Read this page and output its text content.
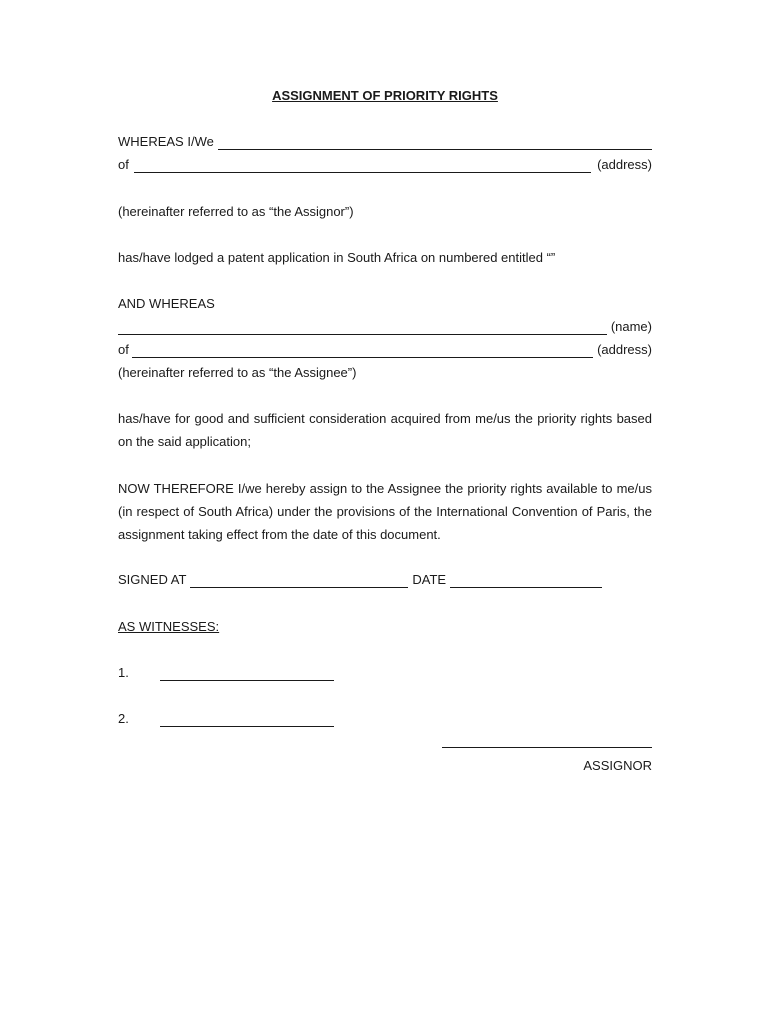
ASSIGNMENT OF PRIORITY RIGHTS
WHEREAS I/We
of	(address)
(hereinafter referred to as “the Assignor”)
has/have lodged a patent application in South Africa on numbered entitled “”
AND WHEREAS
(name)
of	(address)
(hereinafter referred to as “the Assignee”)
has/have for good and sufficient consideration acquired from me/us the priority rights based on the said application;
NOW THEREFORE I/we hereby assign to the Assignee the priority rights available to me/us (in respect of South Africa) under the provisions of the International Convention of Paris, the assignment taking effect from the date of this document.
SIGNED AT	DATE
AS WITNESSES:
1.
2.
ASSIGNOR
